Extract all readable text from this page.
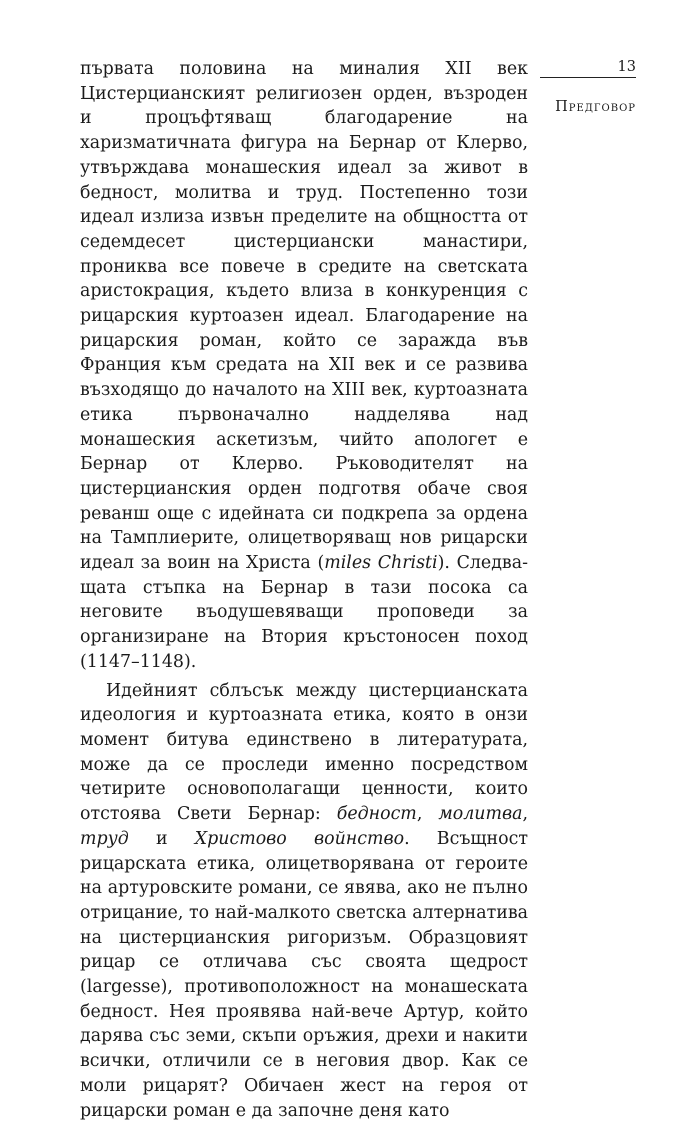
13
Предговор

първата половина на миналия XII век Цистерцианският религиозен орден, възроден и процъфтяващ благодарение на харизматичната фигура на Бернар от Клерво, утвърждава монашеския идеал за живот в бедност, молитва и труд. Постепенно този идеал излиза извън пределите на общността от седемдесет цистерциански манастири, прониква все повече в средите на светската аристокрация, където влиза в конкуренция с рицарския куртоазен идеал. Благодарение на рицарския роман, който се заражда във Франция към средата на XII век и се развива възходящо до началото на XIII век, куртоазната етика първоначално надделява над монашеския аскетизъм, чийто апологет е Бернар от Клерво. Ръководителят на цистерцианския орден подготвя обаче своя реванш още с идейната си подкрепа за ордена на Тамплиерите, олицетворяващ нов рицарски идеал за воин на Христа (miles Christi). Следващата стъпка на Бернар в тази посока са неговите въодушевяващи проповеди за организиране на Втория кръстоносен поход (1147–1148).

Идейният сблъсък между цистерцианската идеология и куртоазната етика, която в онзи момент битува единствено в литературата, може да се проследи именно посредством четирите основополагащи ценности, които отстоява Свети Бернар: бедност, молитва, труд и Христово войнство. Всъщност рицарската етика, олицетворявана от героите на артуровските романи, се явява, ако не пълно отрицание, то най-малкото светска алтернатива на цистерцианския ригоризъм. Образцовият рицар се отличава със своята щедрост (largesse), противоположност на монашеската бедност. Нея проявява най-вече Артур, който дарява със земи, скъпи оръжия, дрехи и накити всички, отличили се в неговия двор. Как се моли рицарят? Обичаен жест на героя от рицарски роман е да започне деня като
